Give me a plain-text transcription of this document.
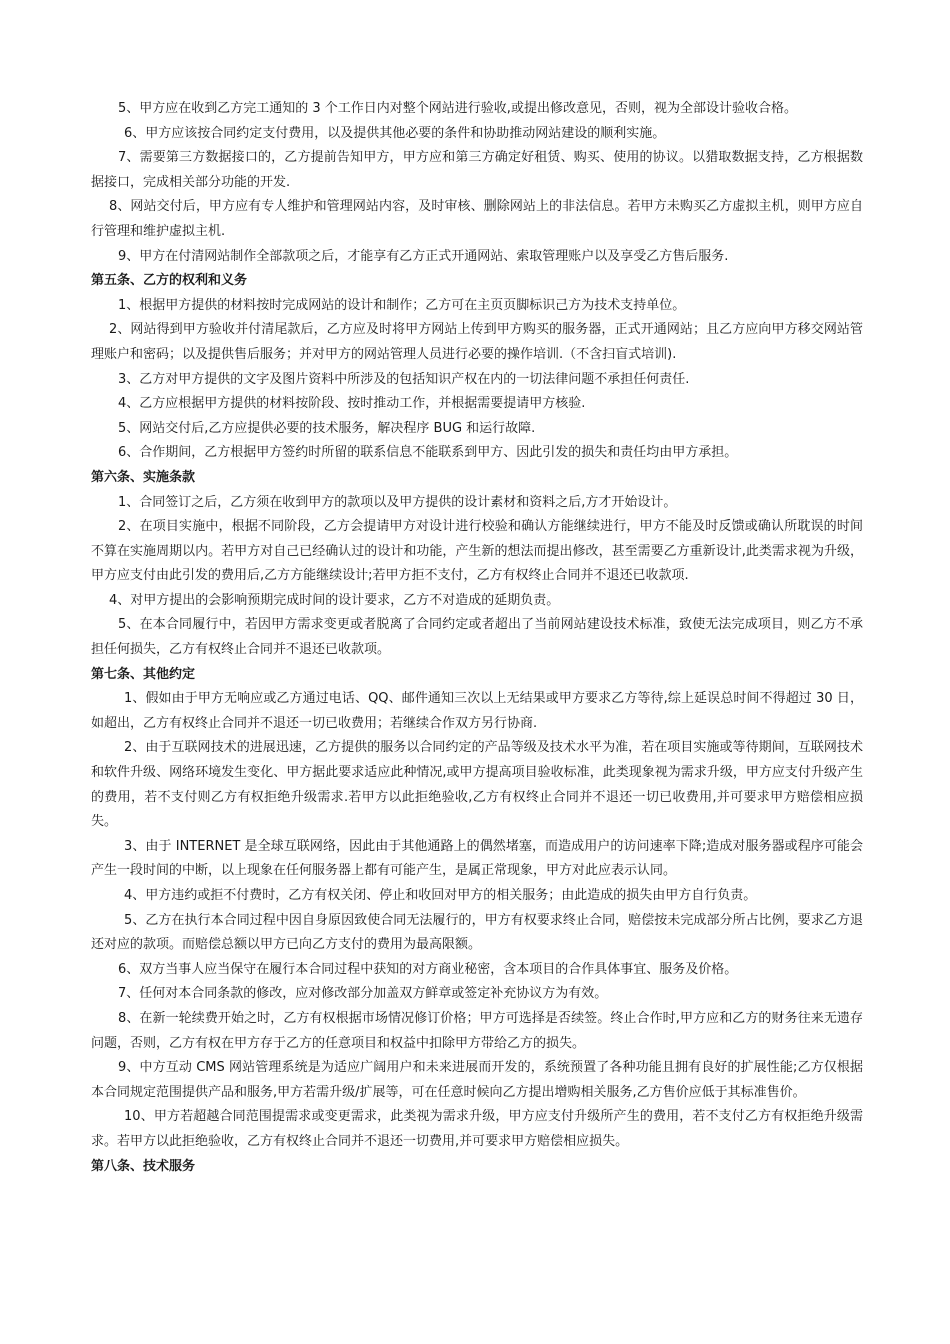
5、甲方应在收到乙方完工通知的 3 个工作日内对整个网站进行验收,或提出修改意见，否则，视为全部设计验收合格。

6、甲方应该按合同约定支付费用，以及提供其他必要的条件和协助推动网站建设的顺利实施。

7、需要第三方数据接口的，乙方提前告知甲方，甲方应和第三方确定好租赁、购买、使用的协议。以猎取数据支持，乙方根据数据接口，完成相关部分功能的开发.

8、网站交付后，甲方应有专人维护和管理网站内容，及时审核、删除网站上的非法信息。若甲方未购买乙方虚拟主机，则甲方应自行管理和维护虚拟主机.

9、甲方在付清网站制作全部款项之后，才能享有乙方正式开通网站、索取管理账户以及享受乙方售后服务.

第五条、乙方的权利和义务

1、根据甲方提供的材料按时完成网站的设计和制作；乙方可在主页页脚标识己方为技术支持单位。

2、网站得到甲方验收并付清尾款后，乙方应及时将甲方网站上传到甲方购买的服务器，正式开通网站；且乙方应向甲方移交网站管理账户和密码；以及提供售后服务；并对甲方的网站管理人员进行必要的操作培训.（不含扫盲式培训).

3、乙方对甲方提供的文字及图片资料中所涉及的包括知识产权在内的一切法律问题不承担任何责任.

4、乙方应根据甲方提供的材料按阶段、按时推动工作，并根据需要提请甲方核验.

5、网站交付后,乙方应提供必要的技术服务，解决程序 BUG 和运行故障.

6、合作期间，乙方根据甲方签约时所留的联系信息不能联系到甲方、因此引发的损失和责任均由甲方承担。

第六条、实施条款

1、合同签订之后，乙方须在收到甲方的款项以及甲方提供的设计素材和资料之后,方才开始设计。

2、在项目实施中，根据不同阶段，乙方会提请甲方对设计进行校验和确认方能继续进行，甲方不能及时反馈或确认所耽误的时间不算在实施周期以内。若甲方对自己已经确认过的设计和功能，产生新的想法而提出修改，甚至需要乙方重新设计,此类需求视为升级，甲方应支付由此引发的费用后,乙方方能继续设计;若甲方拒不支付，乙方有权终止合同并不退还已收款项.

4、对甲方提出的会影响预期完成时间的设计要求，乙方不对造成的延期负责。

5、在本合同履行中，若因甲方需求变更或者脱离了合同约定或者超出了当前网站建设技术标准，致使无法完成项目，则乙方不承担任何损失，乙方有权终止合同并不退还已收款项。

第七条、其他约定

1、假如由于甲方无响应或乙方通过电话、QQ、邮件通知三次以上无结果或甲方要求乙方等待,综上延误总时间不得超过 30 日，如超出，乙方有权终止合同并不退还一切已收费用；若继续合作双方另行协商.

2、由于互联网技术的进展迅速，乙方提供的服务以合同约定的产品等级及技术水平为准，若在项目实施或等待期间，互联网技术和软件升级、网络环境发生变化、甲方据此要求适应此种情况,或甲方提高项目验收标准，此类现象视为需求升级，甲方应支付升级产生的费用，若不支付则乙方有权拒绝升级需求.若甲方以此拒绝验收,乙方有权终止合同并不退还一切已收费用,并可要求甲方赔偿相应损失。

3、由于 INTERNET 是全球互联网络，因此由于其他通路上的偶然堵塞，而造成用户的访问速率下降;造成对服务器或程序可能会产生一段时间的中断，以上现象在任何服务器上都有可能产生，是属正常现象，甲方对此应表示认同。

4、甲方违约或拒不付费时，乙方有权关闭、停止和收回对甲方的相关服务；由此造成的损失由甲方自行负责。

5、乙方在执行本合同过程中因自身原因致使合同无法履行的，甲方有权要求终止合同，赔偿按未完成部分所占比例，要求乙方退还对应的款项。而赔偿总额以甲方已向乙方支付的费用为最高限额。

6、双方当事人应当保守在履行本合同过程中获知的对方商业秘密，含本项目的合作具体事宜、服务及价格。

7、任何对本合同条款的修改，应对修改部分加盖双方鲜章或签定补充协议方为有效。

8、在新一轮续费开始之时，乙方有权根据市场情况修订价格；甲方可选择是否续签。终止合作时,甲方应和乙方的财务往来无遗存问题，否则，乙方有权在甲方存于乙方的任意项目和权益中扣除甲方带给乙方的损失。

9、中方互动 CMS 网站管理系统是为适应广阔用户和未来进展而开发的，系统预置了各种功能且拥有良好的扩展性能;乙方仅根据本合同规定范围提供产品和服务,甲方若需升级/扩展等，可在任意时候向乙方提出增购相关服务,乙方售价应低于其标准售价。

10、甲方若超越合同范围提需求或变更需求，此类视为需求升级，甲方应支付升级所产生的费用，若不支付乙方有权拒绝升级需求。若甲方以此拒绝验收，乙方有权终止合同并不退还一切费用,并可要求甲方赔偿相应损失。

第八条、技术服务
